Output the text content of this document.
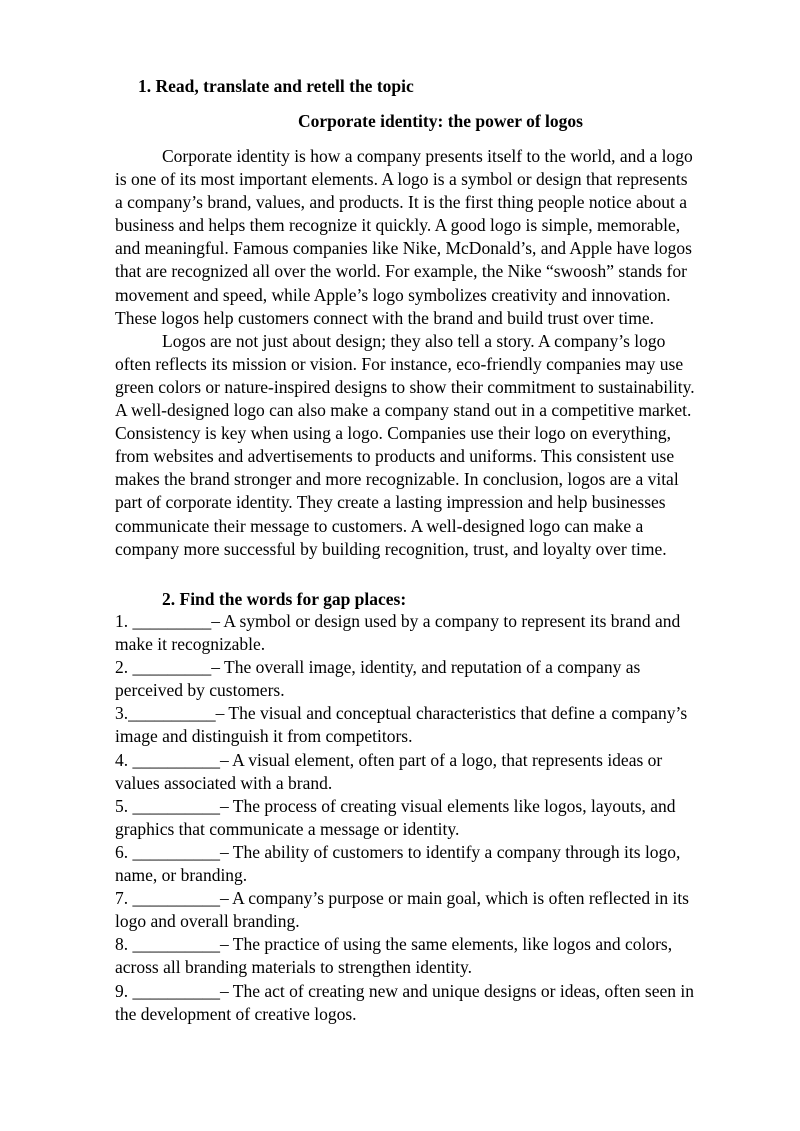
1. Read, translate and retell the topic
Corporate identity: the power of logos
Corporate identity is how a company presents itself to the world, and a logo
is one of its most important elements. A logo is a symbol or design that represents
a company’s brand, values, and products. It is the first thing people notice about a
business and helps them recognize it quickly. A good logo is simple, memorable,
and meaningful. Famous companies like Nike, McDonald’s, and Apple have logos
that are recognized all over the world. For example, the Nike “swoosh” stands for
movement and speed, while Apple’s logo symbolizes creativity and innovation.
These logos help customers connect with the brand and build trust over time.
Logos are not just about design; they also tell a story. A company’s logo
often reflects its mission or vision. For instance, eco-friendly companies may use
green colors or nature-inspired designs to show their commitment to sustainability.
A well-designed logo can also make a company stand out in a competitive market.
Consistency is key when using a logo. Companies use their logo on everything,
from websites and advertisements to products and uniforms. This consistent use
makes the brand stronger and more recognizable. In conclusion, logos are a vital
part of corporate identity. They create a lasting impression and help businesses
communicate their message to customers. A well-designed logo can make a
company more successful by building recognition, trust, and loyalty over time.
2. Find the words for gap places:
1. _________– A symbol or design used by a company to represent its brand and
make it recognizable.
2. _________– The overall image, identity, and reputation of a company as
perceived by customers.
3.__________– The visual and conceptual characteristics that define a company’s
image and distinguish it from competitors.
4. __________– A visual element, often part of a logo, that represents ideas or
values associated with a brand.
5. __________– The process of creating visual elements like logos, layouts, and
graphics that communicate a message or identity.
6. __________– The ability of customers to identify a company through its logo,
name, or branding.
7. __________– A company’s purpose or main goal, which is often reflected in its
logo and overall branding.
8. __________– The practice of using the same elements, like logos and colors,
across all branding materials to strengthen identity.
9. __________– The act of creating new and unique designs or ideas, often seen in
the development of creative logos.
